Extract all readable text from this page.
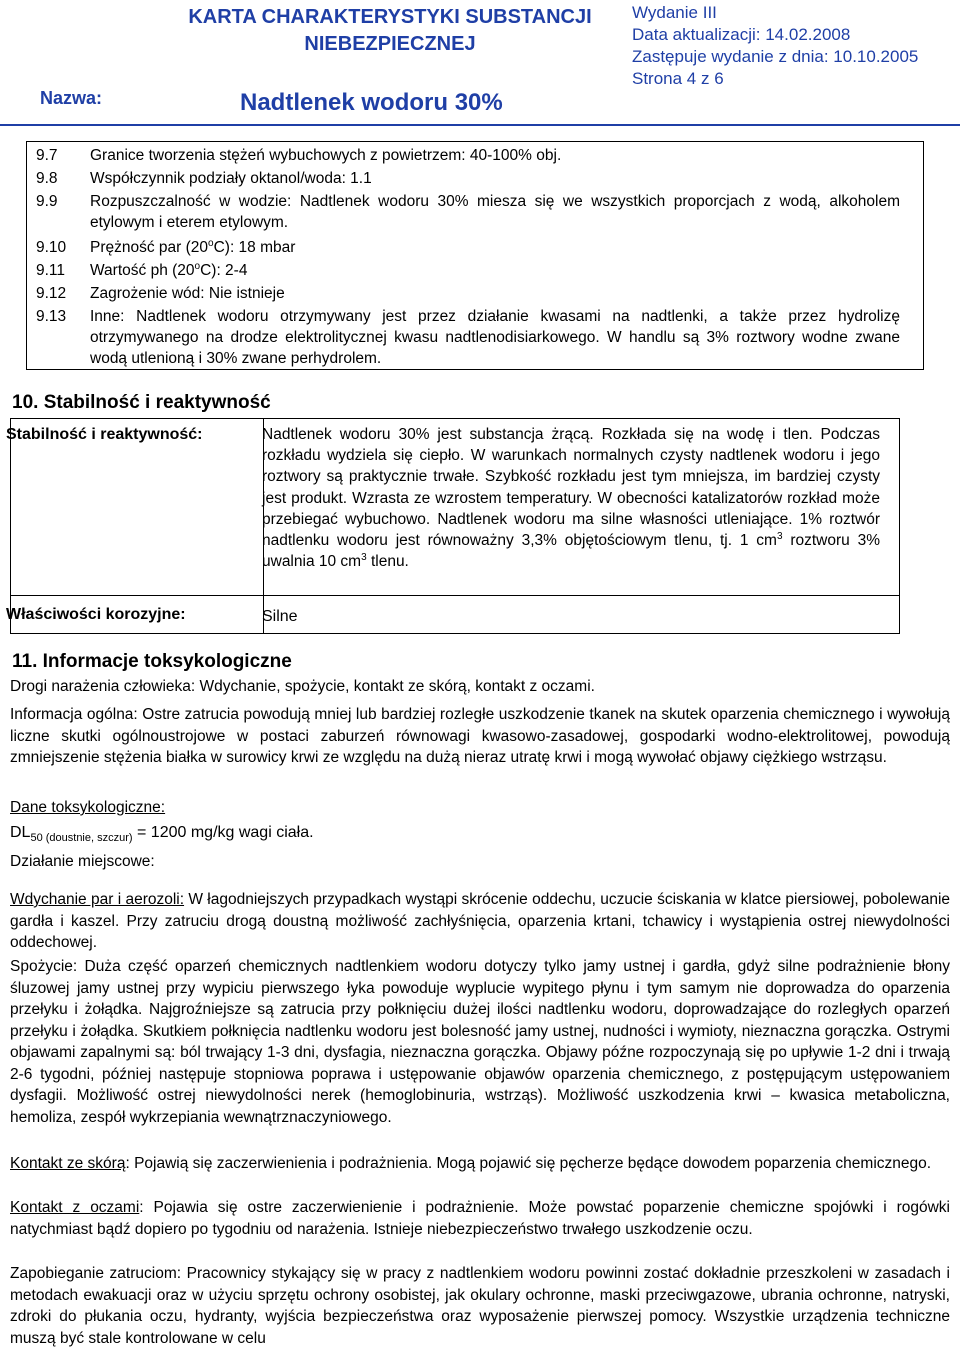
KARTA CHARAKTERYSTYKI SUBSTANCJI
NIEBEZPIECZNEJ
Wydanie III
Data aktualizacji: 14.02.2008
Zastępuje wydanie z dnia: 10.10.2005
Strona 4 z 6
Nazwa:	Nadtlenek wodoru 30%
9.7 Granice tworzenia stężeń wybuchowych z powietrzem: 40-100% obj.
9.8 Współczynnik podziały oktanol/woda: 1.1
9.9 Rozpuszczalność w wodzie: Nadtlenek wodoru 30% miesza się we wszystkich proporcjach z wodą, alkoholem etylowym i eterem etylowym.
9.10 Prężność par (20$^o$C): 18 mbar
9.11 Wartość ph (20$^o$C): 2-4
9.12 Zagrożenie wód: Nie istnieje
9.13 Inne: Nadtlenek wodoru otrzymywany jest przez działanie kwasami na nadtlenki, a także przez hydrolizę otrzymywanego na drodze elektrolitycznej kwasu nadtlenodisiarkowego. W handlu są 3% roztwory wodne zwane wodą utlenioną i 30% zwane perhydrolem.
10. Stabilność i reaktywność
Stabilność i reaktywność:	Nadtlenek wodoru 30% jest substancja żrącą. Rozkłada się na wodę i tlen. Podczas rozkładu wydziela się ciepło. W warunkach normalnych czysty nadtlenek wodoru i jego roztwory są praktycznie trwałe. Szybkość rozkładu jest tym mniejsza, im bardziej czysty jest produkt. Wzrasta ze wzrostem temperatury. W obecności katalizatorów rozkład może przebiegać wybuchowo. Nadtlenek wodoru ma silne własności utleniające. 1% roztwór nadtlenku wodoru jest równoważny 3,3% objętościowym tlenu, tj. 1 $cm^3$ roztworu 3% uwalnia 10 $cm^3$ tlenu.
Właściwości korozyjne:	Silne
11. Informacje toksykologiczne
Drogi narażenia człowieka: Wdychanie, spożycie, kontakt ze skórą, kontakt z oczami.
Informacja ogólna: Ostre zatrucia powodują mniej lub bardziej rozległe uszkodzenie tkanek na skutek oparzenia chemicznego i wywołują liczne skutki ogólnoustrojowe w postaci zaburzeń równowagi kwasowo-zasadowej, gospodarki wodno-elektrolitowej, powodują zmniejszenie stężenia białka w surowicy krwi ze względu na dużą nieraz utratę krwi i mogą wywołać objawy ciężkiego wstrząsu.
Dane toksykologiczne:
$DL_{50 (doustnie, szczur)} = 1200$ mg/kg wagi ciała.
Działanie miejscowe:
Wdychanie par i aerozoli: W łagodniejszych przypadkach wystąpi skrócenie oddechu, uczucie ściskania w klatce piersiowej, pobolewanie gardła i kaszel. Przy zatruciu drogą doustną możliwość zachłyśnięcia, oparzenia krtani, tchawicy i wystąpienia ostrej niewydolności oddechowej.
Spożycie: Duża część oparzeń chemicznych nadtlenkiem wodoru dotyczy tylko jamy ustnej i gardła, gdyż silne podrażnienie błony śluzowej jamy ustnej przy wypiciu pierwszego łyka powoduje wyplucie wypitego płynu i tym samym nie doprowadza do oparzenia przełyku i żołądka. Najgroźniejsze są zatrucia przy połknięciu dużej ilości nadtlenku wodoru, doprowadzające do rozległych oparzeń przełyku i żołądka. Skutkiem połknięcia nadtlenku wodoru jest bolesność jamy ustnej, nudności i wymioty, nieznaczna gorączka. Ostrymi objawami zapalnymi są: ból trwający 1-3 dni, dysfagia, nieznaczna gorączka. Objawy późne rozpoczynają się po upływie 1-2 dni i trwają 2-6 tygodni, później następuje stopniowa poprawa i ustępowanie objawów oparzenia chemicznego, z postępującym ustępowaniem dysfagii. Możliwość ostrej niewydolności nerek (hemoglobinuria, wstrząs). Możliwość uszkodzenia krwi – kwasica metaboliczna, hemoliza, zespół wykrzepiania wewnątrznaczyniowego.
Kontakt ze skórą: Pojawią się zaczerwienienia i podrażnienia. Mogą pojawić się pęcherze będące dowodem poparzenia chemicznego.
Kontakt z oczami: Pojawia się ostre zaczerwienienie i podrażnienie. Może powstać poparzenie chemiczne spojówki i rogówki natychmiast bądź dopiero po tygodniu od narażenia. Istnieje niebezpieczeństwo trwałego uszkodzenie oczu.
Zapobieganie zatruciom: Pracownicy stykający się w pracy z nadtlenkiem wodoru powinni zostać dokładnie przeszkoleni w zasadach i metodach ewakuacji oraz w użyciu sprzętu ochrony osobistej, jak okulary ochronne, maski przeciwgazowe, ubrania ochronne, natryski, zdroki do płukania oczu, hydranty, wyjścia bezpieczeństwa oraz wyposażenie pierwszej pomocy. Wszystkie urządzenia techniczne muszą być stale kontrolowane w celu
